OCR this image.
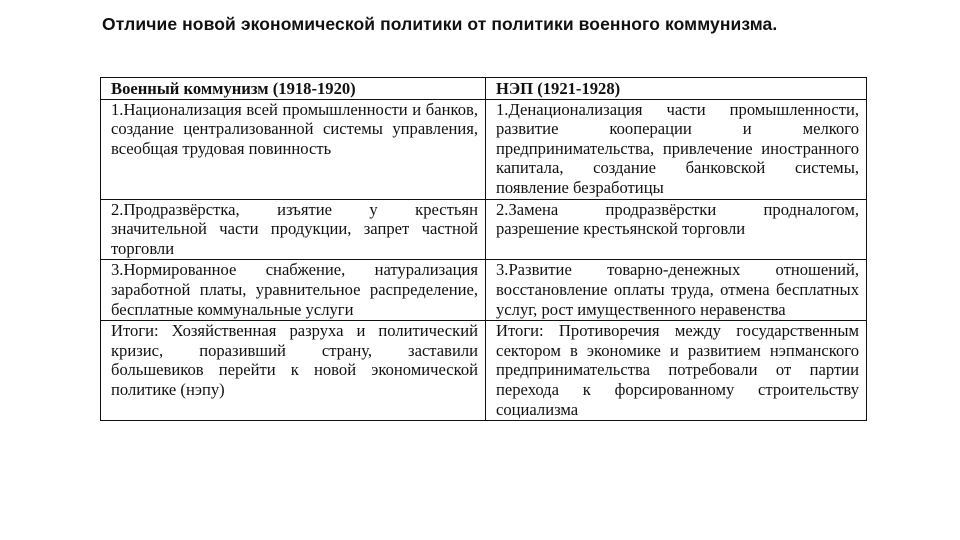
Отличие новой экономической политики от политики военного коммунизма.
Военный коммунизм (1918-1920)	НЭП (1921-1928)
1.Национализация всей промышленности и банков, создание централизованной системы управления, всеобщая трудовая повинность	1.Денационализация части промышленности, развитие кооперации и мелкого предпринимательства, привлечение иностранного капитала, создание банковской системы, появление безработицы
2.Продразвёрстка, изъятие у крестьян значительной части продукции, запрет частной торговли	2.Замена продразвёрстки продналогом, разрешение крестьянской торговли
3.Нормированное снабжение, натурализация заработной платы, уравнительное распределение, бесплатные коммунальные услуги	3.Развитие товарно-денежных отношений, восстановление оплаты труда, отмена бесплатных услуг, рост имущественного неравенства
Итоги: Хозяйственная разруха и политический кризис, поразивший страну, заставили большевиков перейти к новой экономической политике (нэпу)	Итоги: Противоречия между государственным сектором в экономике и развитием нэпманского предпринимательства потребовали от партии перехода к форсированному строительству социализма
